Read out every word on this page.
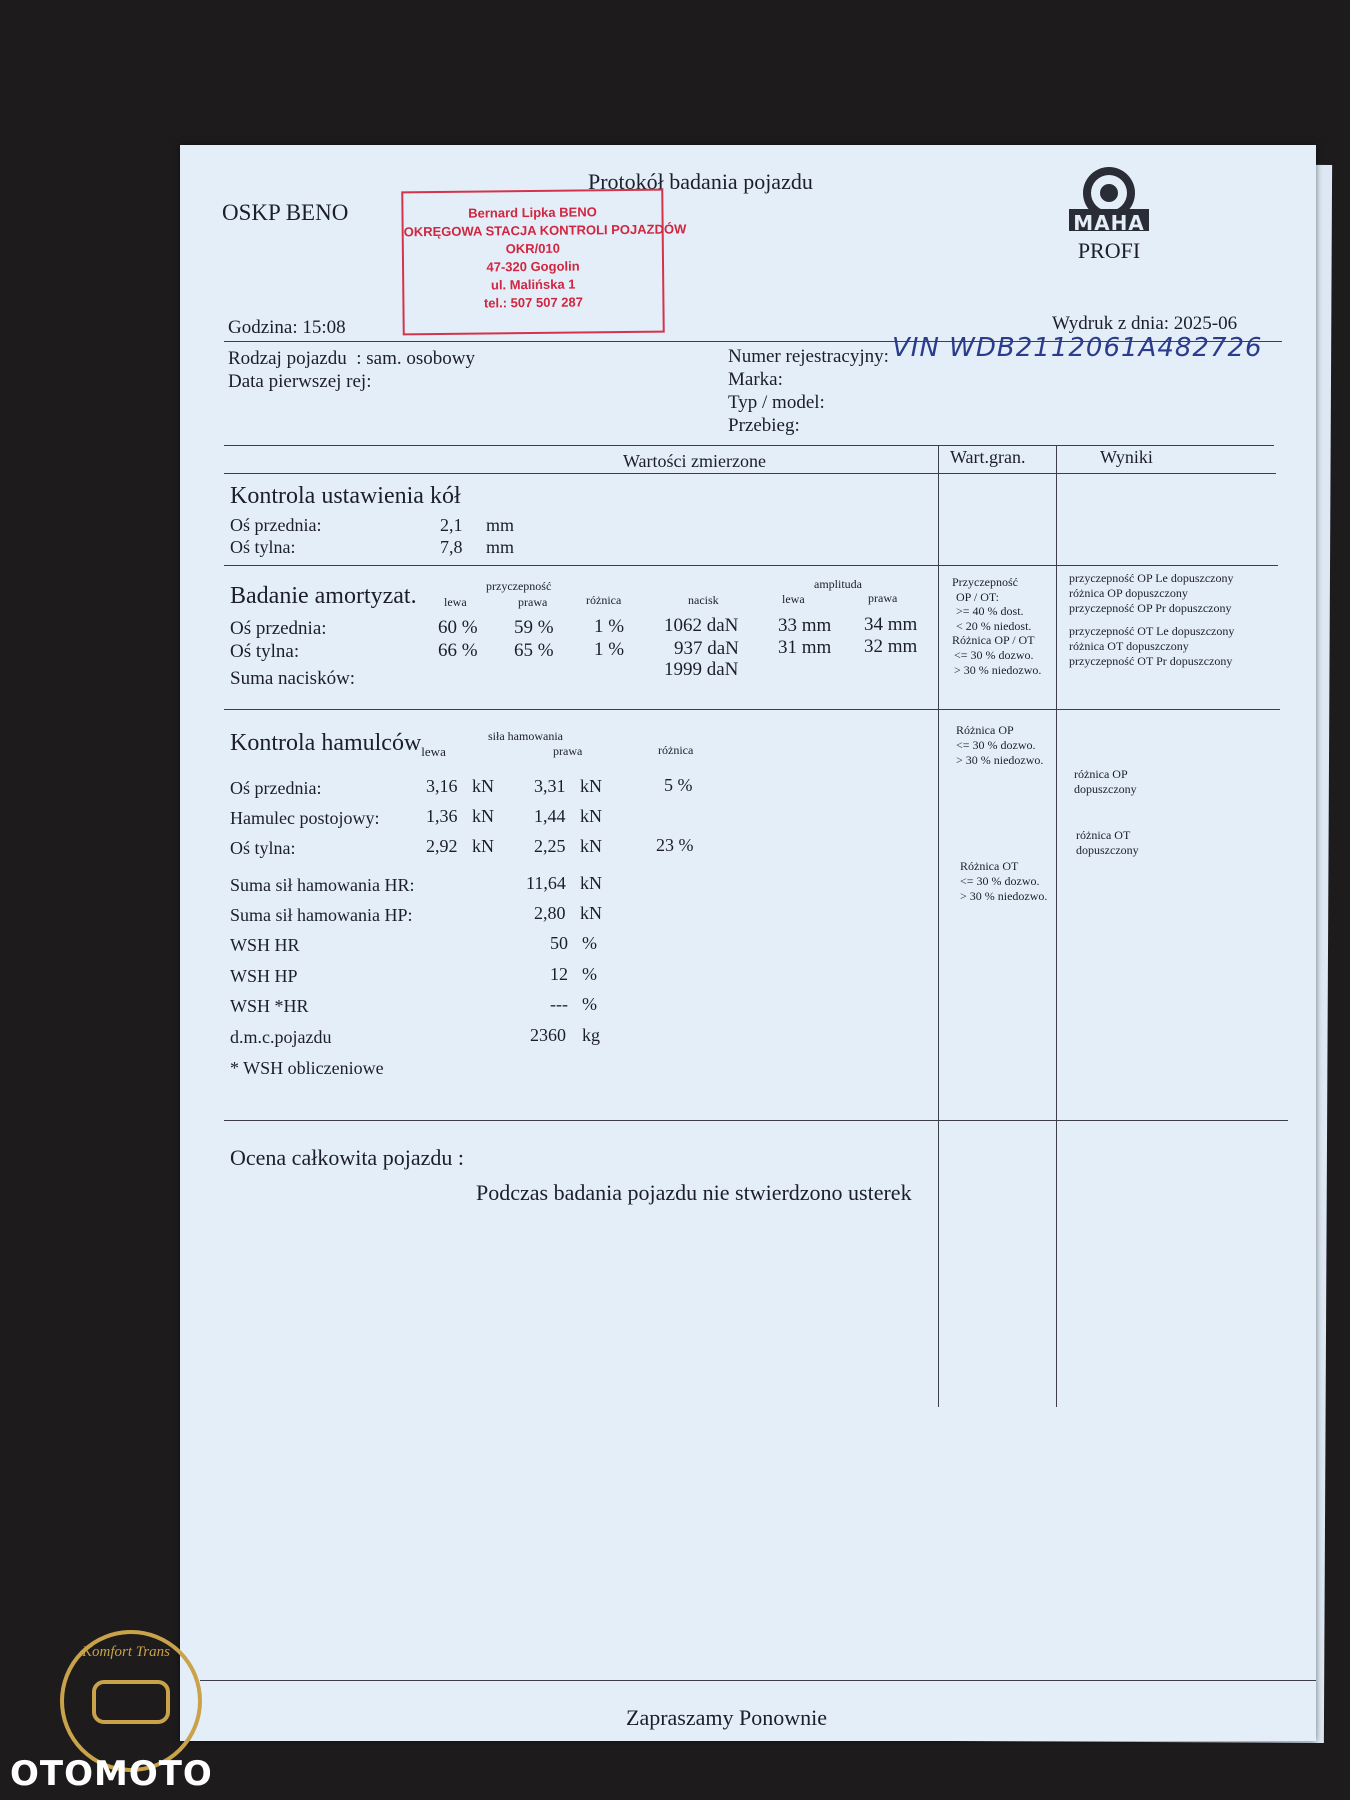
OSKP BENO
Protokół badania pojazdu
Bernard Lipka BENO
OKRĘGOWA STACJA KONTROLI POJAZDÓW
OKR/010
47-320 Gogolin
ul. Malińska 1
tel.: 507 507 287
MAHA
PROFI
Godzina: 15:08	Wydruk z dnia: 2025-06
Rodzaj pojazdu : sam. osobowy
Data pierwszej rej:
Numer rejestracyjny: VIN WDB2112061A482726
Marka:
Typ / model:
Przebieg:
Wartości zmierzone	Wart.gran.	Wyniki
Kontrola ustawienia kół
Oś przednia:	2,1 mm
Oś tylna:	7,8 mm
Badanie amortyzat.	przyczepność
lewa	prawa	różnica	nacisk
amplituda
lewa	prawa
Oś przednia:	60 % 59 % 1 % 1062 daN 33 mm 34 mm
Oś tylna:	66 % 65 % 1 %	937 daN 31 mm 32 mm
Suma nacisków:	1999 daN
Przyczepność
OP / OT:
>= 40 % dost.
< 20 % niedost.
Różnica OP / OT
<= 30 % dozwo.
> 30 % niedozwo.
przyczepność OP Le dopuszczony
różnica OP dopuszczony
przyczepność OP Pr dopuszczony
przyczepność OT Le dopuszczony
różnica OT dopuszczony
przyczepność OT Pr dopuszczony
Kontrola hamulców$_{lewa}$
siła hamowania
prawa	różnica
Oś przednia:	3,16 kN 3,31 kN	5 %
Hamulec postojowy:	1,36 kN 1,44 kN
Oś tylna:	2,92 kN 2,25 kN	23 %
Suma sił hamowania HR:	11,64 kN
Suma sił hamowania HP:	2,80 kN
WSH HR	50 %
WSH HP	12 %
WSH *HR	--- %
d.m.c.pojazdu	2360 kg
* WSH obliczeniowe
Różnica OP
<= 30 % dozwo.
> 30 % niedozwo.
Różnica OT
<= 30 % dozwo.
> 30 % niedozwo.
różnica OP
dopuszczony
różnica OT
dopuszczony
Ocena całkowita pojazdu :
Podczas badania pojazdu nie stwierdzono usterek
Zapraszamy Ponownie
Komfort Trans
OTOMOTO
